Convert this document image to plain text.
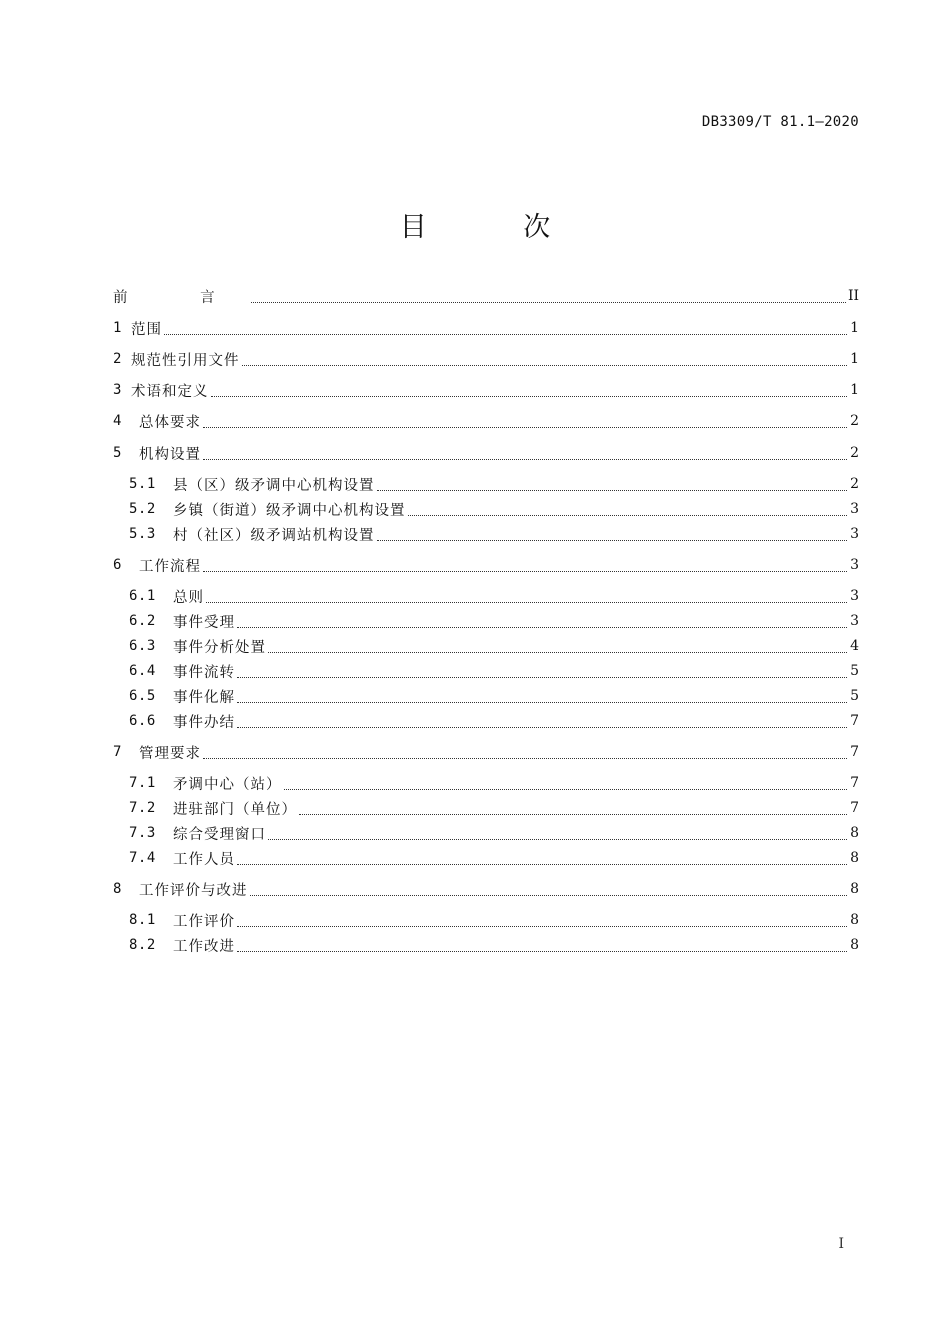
DB3309/T 81.1—2020
目 次
前 言	II
1 范围	1
2 规范性引用文件	1
3 术语和定义	1
4	总体要求	2
5	机构设置	2
5.1	县（区）级矛调中心机构设置	2
5.2	乡镇（街道）级矛调中心机构设置	3
5.3	村（社区）级矛调站机构设置	3
6	工作流程	3
6.1	总则	3
6.2	事件受理	3
6.3	事件分析处置	4
6.4	事件流转	5
6.5	事件化解	5
6.6	事件办结	7
7	管理要求	7
7.1	矛调中心（站）	7
7.2	进驻部门（单位）	7
7.3	综合受理窗口	8
7.4	工作人员	8
8	工作评价与改进	8
8.1	工作评价	8
8.2	工作改进	8
I
